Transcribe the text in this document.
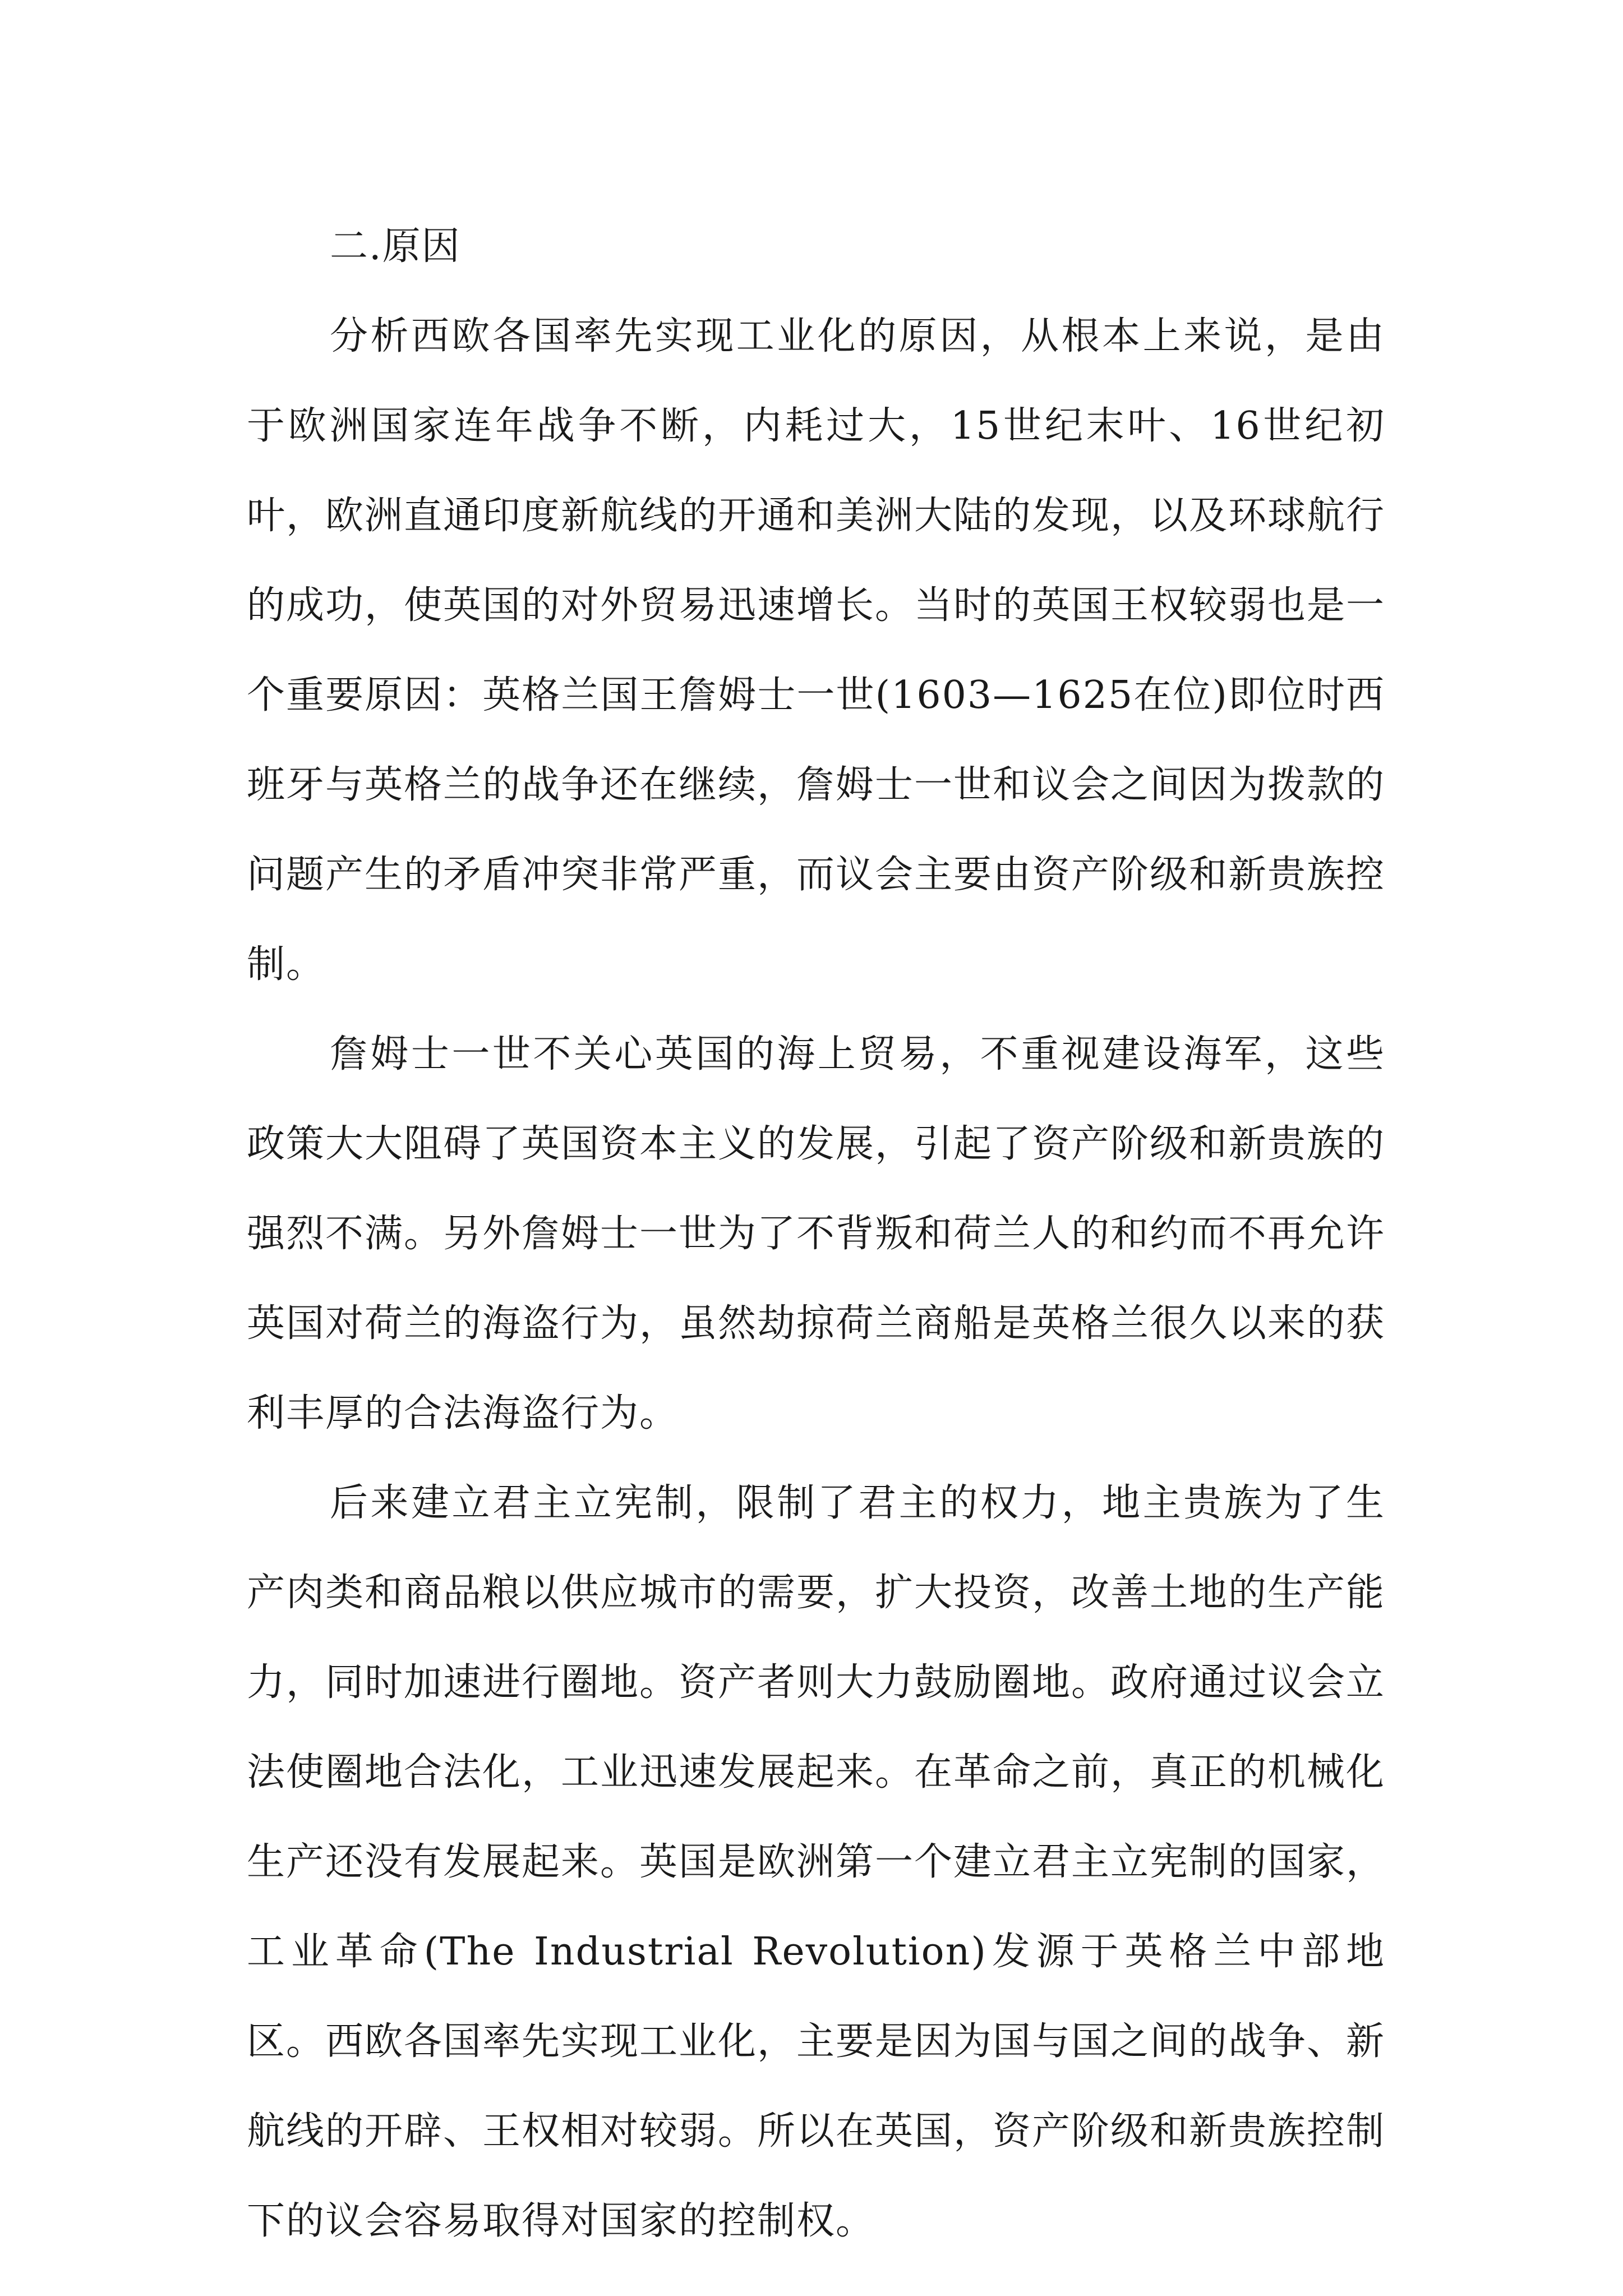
二.原因

分析西欧各国率先实现工业化的原因，从根本上来说，是由于欧洲国家连年战争不断，内耗过大，15世纪末叶、16世纪初叶，欧洲直通印度新航线的开通和美洲大陆的发现，以及环球航行的成功，使英国的对外贸易迅速增长。当时的英国王权较弱也是一个重要原因：英格兰国王詹姆士一世(1603—1625在位)即位时西班牙与英格兰的战争还在继续，詹姆士一世和议会之间因为拨款的问题产生的矛盾冲突非常严重，而议会主要由资产阶级和新贵族控制。

詹姆士一世不关心英国的海上贸易，不重视建设海军，这些政策大大阻碍了英国资本主义的发展，引起了资产阶级和新贵族的强烈不满。另外詹姆士一世为了不背叛和荷兰人的和约而不再允许英国对荷兰的海盗行为，虽然劫掠荷兰商船是英格兰很久以来的获利丰厚的合法海盗行为。

后来建立君主立宪制，限制了君主的权力，地主贵族为了生产肉类和商品粮以供应城市的需要，扩大投资，改善土地的生产能力，同时加速进行圈地。资产者则大力鼓励圈地。政府通过议会立法使圈地合法化，工业迅速发展起来。在革命之前，真正的机械化生产还没有发展起来。英国是欧洲第一个建立君主立宪制的国家，工业革命(The Industrial Revolution)发源于英格兰中部地区。西欧各国率先实现工业化，主要是因为国与国之间的战争、新航线的开辟、王权相对较弱。所以在英国，资产阶级和新贵族控制下的议会容易取得对国家的控制权。
